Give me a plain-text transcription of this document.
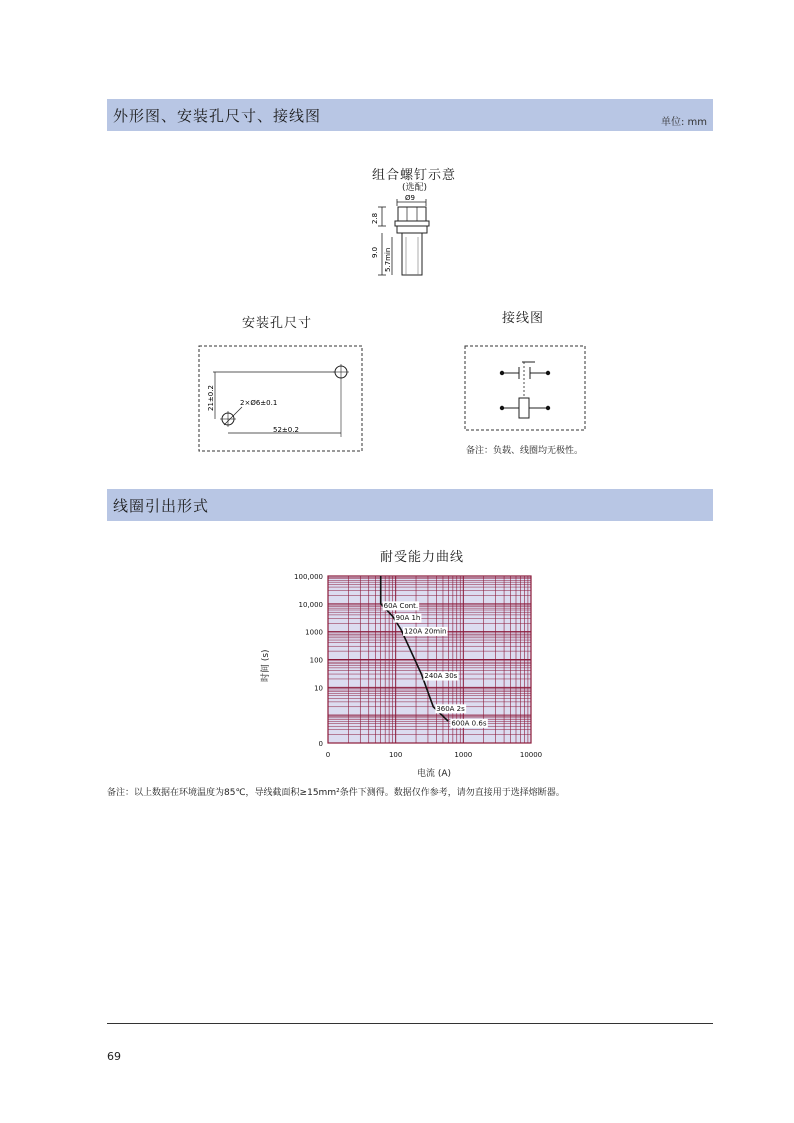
外形图、安装孔尺寸、接线图	单位: mm
组合螺钉示意
(选配)
Ø9
2.8
9.0 5.7min
安装孔尺寸
21±0.2	2×Ø6±0.1
52±0.2
接线图
备注：负载、线圈均无极性。
线圈引出形式
耐受能力曲线
100,000
10,000
1000
100
10
0
0	100	1000	10000
60A Cont.
90A 1h
120A 20min
240A 30s
360A 2s
600A 0.6s
电流 (A)
时间 (s)
备注：以上数据在环境温度为85℃，导线截面积≥15mm²条件下测得。数据仅作参考，请勿直接用于选择熔断器。
69
